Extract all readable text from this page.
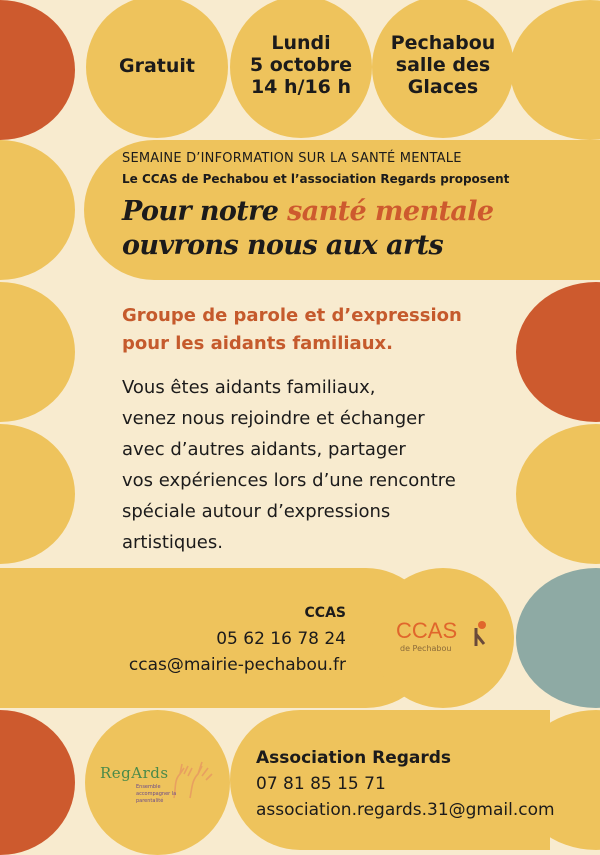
Gratuit
Lundi
5 octobre
14 h/16 h
Pechabou
salle des
Glaces
SEMAINE D’INFORMATION SUR LA SANTÉ MENTALE
Le CCAS de Pechabou et l’association Regards proposent
Pour notre santé mentale
ouvrons nous aux arts
Groupe de parole et d’expression
pour les aidants familiaux.
Vous êtes aidants familiaux,
venez nous rejoindre et échanger
avec d’autres aidants, partager
vos expériences lors d’une rencontre
spéciale autour d’expressions
artistiques.
CCAS
05 62 16 78 24
ccas@mairie-pechabou.fr
CCAS
de Pechabou
RegArds
Ensemble accompagner la parentalité
Association Regards
07 81 85 15 71
association.regards.31@gmail.com
